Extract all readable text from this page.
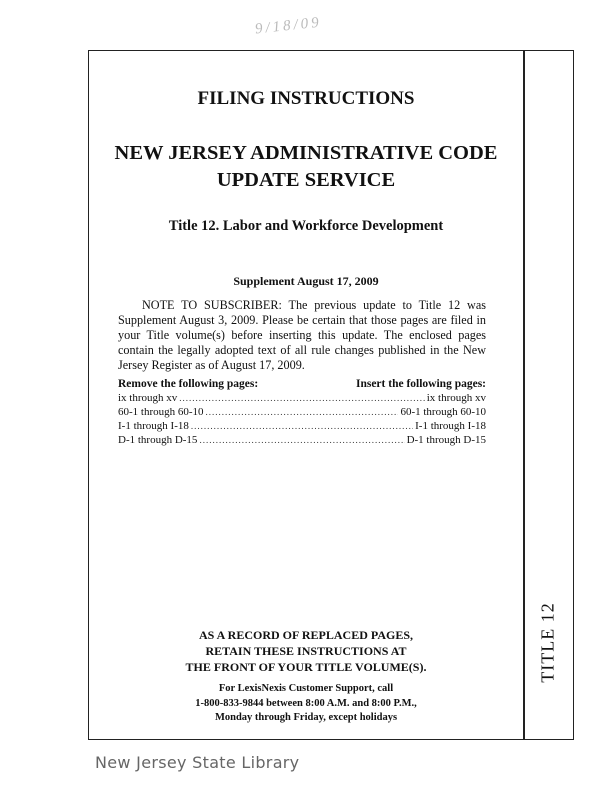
9/18/09
TITLE 12
FILING INSTRUCTIONS
NEW JERSEY ADMINISTRATIVE CODE
UPDATE SERVICE
Title 12. Labor and Workforce Development
Supplement August 17, 2009
NOTE TO SUBSCRIBER: The previous update to Title 12 was Supplement August 3, 2009. Please be certain that those pages are filed in your Title volume(s) before inserting this update. The enclosed pages contain the legally adopted text of all rule changes published in the New Jersey Register as of August 17, 2009.
Remove the following pages:	Insert the following pages:
ix through xv .....	ix through xv
60-1 through 60-10 .....	60-1 through 60-10
I-1 through I-18 .....	I-1 through I-18
D-1 through D-15 .....	D-1 through D-15
AS A RECORD OF REPLACED PAGES,
RETAIN THESE INSTRUCTIONS AT
THE FRONT OF YOUR TITLE VOLUME(S).
For LexisNexis Customer Support, call
1-800-833-9844 between 8:00 A.M. and 8:00 P.M.,
Monday through Friday, except holidays
New Jersey State Library
